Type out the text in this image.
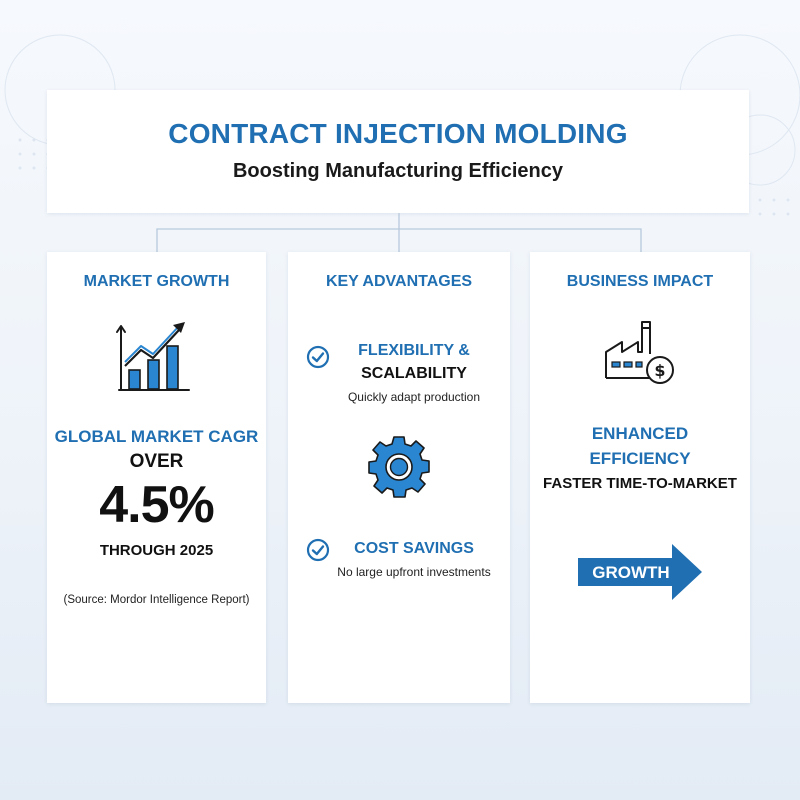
CONTRACT INJECTION MOLDING
Boosting Manufacturing Efficiency
MARKET GROWTH
GLOBAL MARKET CAGR
OVER
4.5%
THROUGH 2025
(Source: Mordor Intelligence Report)
KEY ADVANTAGES
FLEXIBILITY &
SCALABILITY
Quickly adapt production
COST SAVINGS
No large upfront investments
BUSINESS IMPACT
$
ENHANCED
EFFICIENCY
FASTER TIME-TO-MARKET
GROWTH
